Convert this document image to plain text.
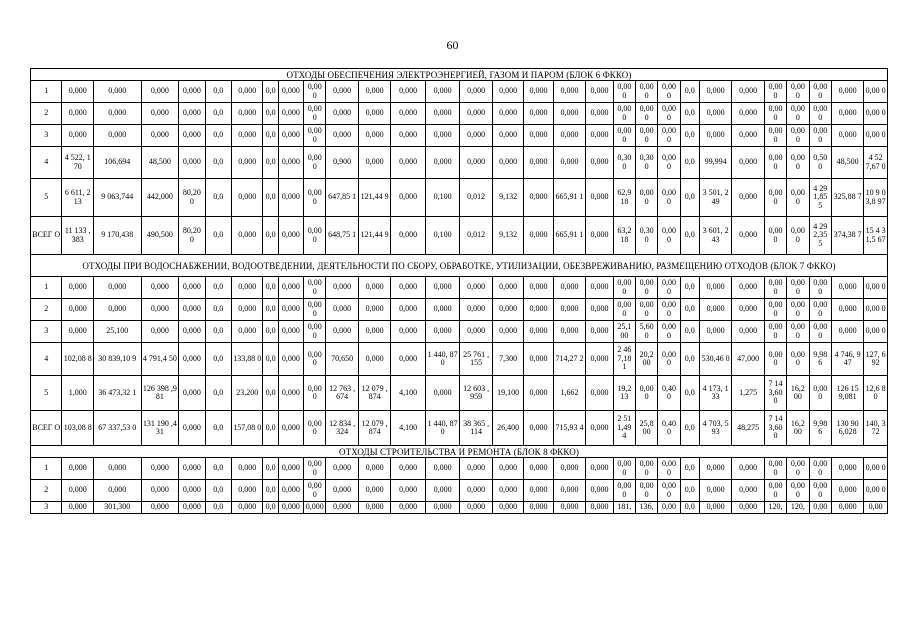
60
ОТХОДЫ ОБЕСПЕЧЕНИЯ ЭЛЕКТРОЭНЕРГИЕЙ, ГАЗОМ И ПАРОМ (БЛОК 6 ФККО)																													
1	0,000	0,000	0,000	0,000	0,0	0,000	0,0	0,000	0,00 0	0,000	0,000	0,000	0,000	0,000	0,000	0,000	0,000	0,000	0,00 0	0,00 0	0,00 0	0,0	0,000	0,000	0,00 0	0,00 0	0,00 0	0,000	0,00 0
2	0,000	0,000	0,000	0,000	0,0	0,000	0,0	0,000	0,00 0	0,000	0,000	0,000	0,000	0,000	0,000	0,000	0,000	0,000	0,00 0	0,00 0	0,00 0	0,0	0,000	0,000	0,00 0	0,00 0	0,00 0	0,000	0,00 0
3	0,000	0,000	0,000	0,000	0,0	0,000	0,0	0,000	0,00 0	0,000	0,000	0,000	0,000	0,000	0,000	0,000	0,000	0,000	0,00 0	0,00 0	0,00 0	0,0	0,000	0,000	0,00 0	0,00 0	0,00 0	0,000	0,00 0
4	4 522, 170	106,694	48,500	0,000	0,0	0,000	0,0	0,000	0,00 0	0,900	0,000	0,000	0,000	0,000	0,000	0,000	0,000	0,000	0,30 0	0,30 0	0,00 0	0,0	99,994	0,000	0,00 0	0,00 0	0,50 0	48,500	4 52 7,67 0
5	6 611, 213	9 063,744	442,000	80,20 0	0,0	0,000	0,0	0,000	0,00 0	647,85 1	121,44 9	0,000	0,100	0,012	9,132	0,000	665,91 1	0,000	62,9 18	0,00 0	0,00 0	0,0	3 501, 249	0,000	0,00 0	0,00 0	4 29 1,85 5	325,88 7	10 9 03,8 97
ВСЕГ О	11 133 ,383	9 170,438	490,500	80,20 0	0,0	0,000	0,0	0,000	0,00 0	648,75 1	121,44 9	0,000	0,100	0,012	9,132	0,000	665,91 1	0,000	63,2 18	0,30 0	0,00 0	0,0	3 601, 243	0,000	0,00 0	0,00 0	4 29 2,35 5	374,38 7	15 4 31,5 67
ОТХОДЫ ПРИ ВОДОСНАБЖЕНИИ, ВОДООТВЕДЕНИИ, ДЕЯТЕЛЬНОСТИ ПО СБОРУ, ОБРАБОТКЕ, УТИЛИЗАЦИИ, ОБЕЗВРЕЖИВАНИЮ, РАЗМЕЩЕНИЮ ОТХОДОВ (БЛОК 7 ФККО)																													
1	0,000	0,000	0,000	0,000	0,0	0,000	0,0	0,000	0,00 0	0,000	0,000	0,000	0,000	0,000	0,000	0,000	0,000	0,000	0,00 0	0,00 0	0,00 0	0,0	0,000	0,000	0,00 0	0,00 0	0,00 0	0,000	0,00 0
2	0,000	0,000	0,000	0,000	0,0	0,000	0,0	0,000	0,00 0	0,000	0,000	0,000	0,000	0,000	0,000	0,000	0,000	0,000	0,00 0	0,00 0	0,00 0	0,0	0,000	0,000	0,00 0	0,00 0	0,00 0	0,000	0,00 0
3	0,000	25,100	0,000	0,000	0,0	0,000	0,0	0,000	0,00 0	0,000	0,000	0,000	0,000	0,000	0,000	0,000	0,000	0,000	25,1 00	5,60 0	0,00 0	0,0	0,000	0,000	0,00 0	0,00 0	0,00 0	0,000	0,00 0
4	102,08 8	30 839,10 9	4 791,4 50	0,000	0,0	133,88 0	0,0	0,000	0,00 0	70,650	0,000	0,000	1 440, 870	25 761 ,155	7,300	0,000	714,27 2	0,000	2 46 7,18 1	20,2 00	0,00 0	0,0	530,46 0	47,000	0,00 0	0,00 0	9,98 6	4 746, 947	127, 692
5	1,000	36 473,32 1	126 398 ,981	0,000	0,0	23,200	0,0	0,000	0,00 0	12 763 ,674	12 079 ,874	4,100	0,000	12 603 ,959	19,100	0,000	1,662	0,000	19,2 13	0,00 0	0,40 0	0,0	4 173, 133	1,275	7 14 3,60 0	16,2 00	0,00 0	126 15 9,081	12,6 80
ВСЕГ О	103,08 8	67 337,53 0	131 190 ,431	0,000	0,0	157,08 0	0,0	0,000	0,00 0	12 834 ,324	12 079 ,874	4,100	1 440, 870	38 365 ,114	26,400	0,000	715,93 4	0,000	2 51 1,49 4	25,8 00	0,40 0	0,0	4 703, 593	48,275	7 14 3,60 0	16,2 00	9,98 6	130 90 6,028	140, 372
ОТХОДЫ СТРОИТЕЛЬСТВА И РЕМОНТА (БЛОК 8 ФККО)																													
1	0,000	0,000	0,000	0,000	0,0	0,000	0,0	0,000	0,00 0	0,000	0,000	0,000	0,000	0,000	0,000	0,000	0,000	0,000	0,00 0	0,00 0	0,00 0	0,0	0,000	0,000	0,00 0	0,00 0	0,00 0	0,000	0,00 0
2	0,000	0,000	0,000	0,000	0,0	0,000	0,0	0,000	0,00 0	0,000	0,000	0,000	0,000	0,000	0,000	0,000	0,000	0,000	0,00 0	0,00 0	0,00 0	0,0	0,000	0,000	0,00 0	0,00 0	0,00 0	0,000	0,00 0
3	0,000	301,300	0,000	0,000	0,0	0,000	0,0	0,000	0,000	0,000	0,000	0,000	0,000	0,000	0,000	0,000	0,000	0,000	181,	136,	0,00	0,0	0,000	0,000	120,	120,	0,00	0,000	0,00
